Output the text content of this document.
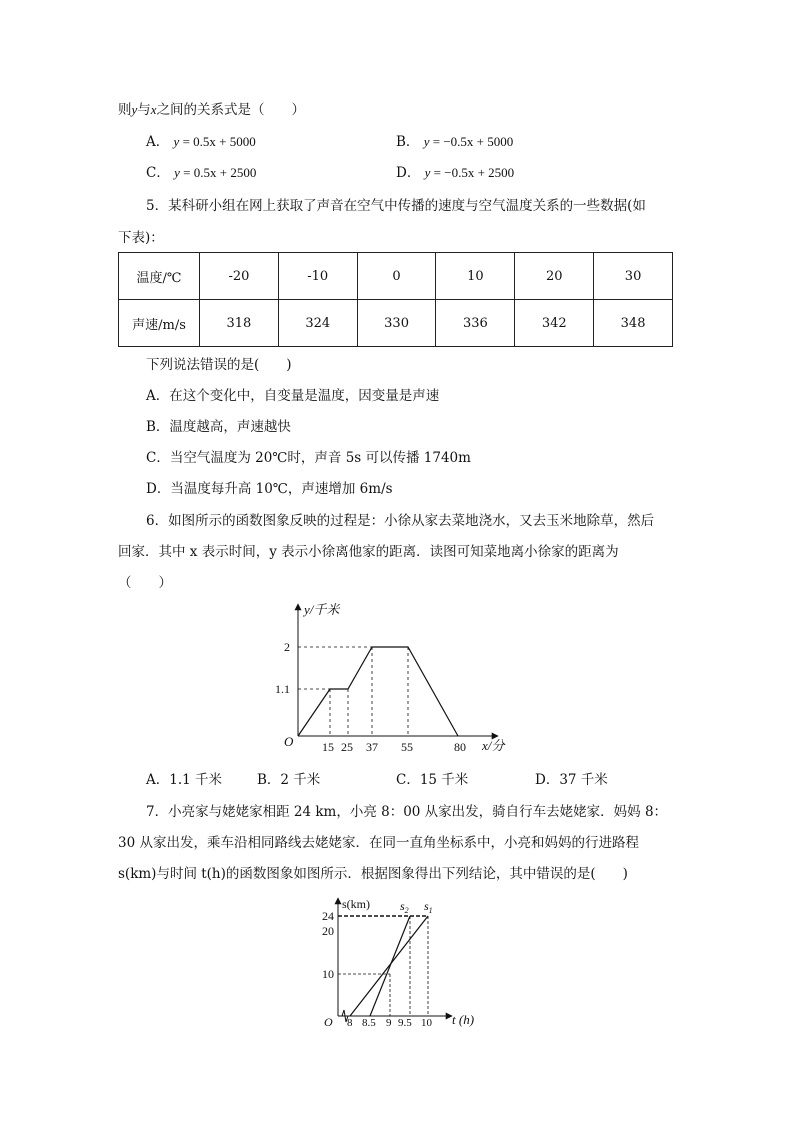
则y与x之间的关系式是（　　）
A． y = 0.5x + 5000	B． y = −0.5x + 5000
C． y = 0.5x + 2500	D． y = −0.5x + 2500
5．某科研小组在网上获取了声音在空气中传播的速度与空气温度关系的一些数据(如
下表)：
温度/℃	-20	-10	0	10	20	30
声速/m/s	318	324	330	336	342	348
下列说法错误的是(　　)
A．在这个变化中，自变量是温度，因变量是声速
B．温度越高，声速越快
C．当空气温度为 20℃时，声音 5s 可以传播 1740m
D．当温度每升高 10℃，声速增加 6m/s
6．如图所示的函数图象反映的过程是：小徐从家去菜地浇水，又去玉米地除草，然后
回家．其中 x 表示时间，y 表示小徐离他家的距离．读图可知菜地离小徐家的距离为
（　　）
y/千米
x/分
O
2
1.1
15 25 37 55	80
A．1.1 千米	B．2 千米	C．15 千米	D．37 千米
7．小亮家与姥姥家相距 24 km，小亮 8：00 从家出发，骑自行车去姥姥家．妈妈 8：
30 从家出发，乘车沿相同路线去姥姥家．在同一直角坐标系中，小亮和妈妈的行进路程
s(km)与时间 t(h)的函数图象如图所示．根据图象得出下列结论，其中错误的是(　　)
s(km)
t (h)
O
24
20
10
8 8.5 9 9.5 10
$s_2$ $s_1$
